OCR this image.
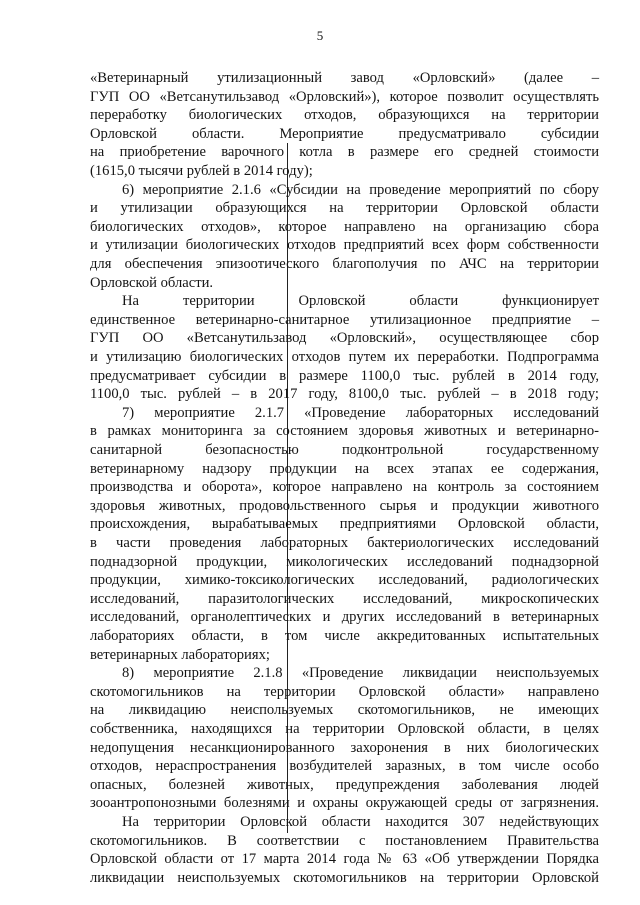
5
«Ветеринарный утилизационный завод «Орловский» (далее –
ГУП ОО «Ветсанутильзавод «Орловский»), которое позволит осуществлять
переработку биологических отходов, образующихся на территории
Орловской области. Мероприятие предусматривало субсидии
на приобретение варочного котла в размере его средней стоимости
(1615,0 тысячи рублей в 2014 году);
6) мероприятие 2.1.6 «Субсидии на проведение мероприятий по сбору
и утилизации образующихся на территории Орловской области
биологических отходов», которое направлено на организацию сбора
и утилизации биологических отходов предприятий всех форм собственности
для обеспечения эпизоотического благополучия по АЧС на территории
Орловской области.
На территории Орловской области функционирует
единственное ветеринарно-санитарное утилизационное предприятие –
ГУП ОО «Ветсанутильзавод «Орловский», осуществляющее сбор
и утилизацию биологических отходов путем их переработки. Подпрограмма
предусматривает субсидии в размере 1100,0 тыс. рублей в 2014 году,
1100,0 тыс. рублей – в 2017 году, 8100,0 тыс. рублей – в 2018 году;
7) мероприятие 2.1.7 «Проведение лабораторных исследований
в рамках мониторинга за состоянием здоровья животных и ветеринарно-
санитарной безопасностью подконтрольной государственному
ветеринарному надзору продукции на всех этапах ее содержания,
производства и оборота», которое направлено на контроль за состоянием
здоровья животных, продовольственного сырья и продукции животного
происхождения, вырабатываемых предприятиями Орловской области,
в части проведения лабораторных бактериологических исследований
поднадзорной продукции, микологических исследований поднадзорной
продукции, химико-токсикологических исследований, радиологических
исследований, паразитологических исследований, микроскопических
исследований, органолептических и других исследований в ветеринарных
лабораториях области, в том числе аккредитованных испытательных
ветеринарных лабораториях;
8) мероприятие 2.1.8 «Проведение ликвидации неиспользуемых
скотомогильников на территории Орловской области» направлено
на ликвидацию неиспользуемых скотомогильников, не имеющих
собственника, находящихся на территории Орловской области, в целях
недопущения несанкционированного захоронения в них биологических
отходов, нераспространения возбудителей заразных, в том числе особо
опасных, болезней животных, предупреждения заболевания людей
зооантропонозными болезнями и охраны окружающей среды от загрязнения.
На территории Орловской области находится 307 недействующих
скотомогильников. В соответствии с постановлением Правительства
Орловской области от 17 марта 2014 года № 63 «Об утверждении Порядка
ликвидации неиспользуемых скотомогильников на территории Орловской
